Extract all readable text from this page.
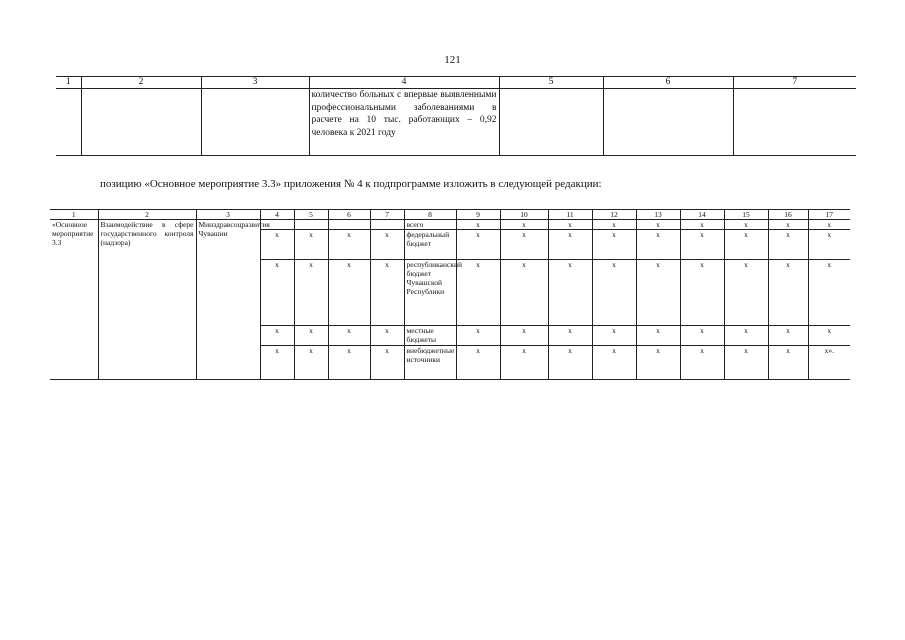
121
1	2	3	4	5	6	7
			количество больных с впервые выявленными профессиональными заболеваниями в расчете на 10 тыс. работающих – 0,92 человека к 2021 году			
позицию «Основное мероприятие 3.3» приложения № 4 к подпрограмме изложить в следующей редакции:
1	2	3	4	5	6	7	8	9	10	11	12	13	14	15	16	17
«Основное мероприятие 3.3	Взаимодействие в сфере государственного контроля (надзора)	Минздравсоцразвития Чувашии					всего	x	x	x	x	x	x	x	x	x
			x	x	x	x	федеральный бюджет	x	x	x	x	x	x	x	x	x
			x	x	x	x	республиканский бюджет Чувашской Республики	x	x	x	x	x	x	x	x	x
			x	x	x	x	местные бюджеты	x	x	x	x	x	x	x	x	x
			x	x	x	x	внебюджетные источники	x	x	x	x	x	x	x	x	x».
